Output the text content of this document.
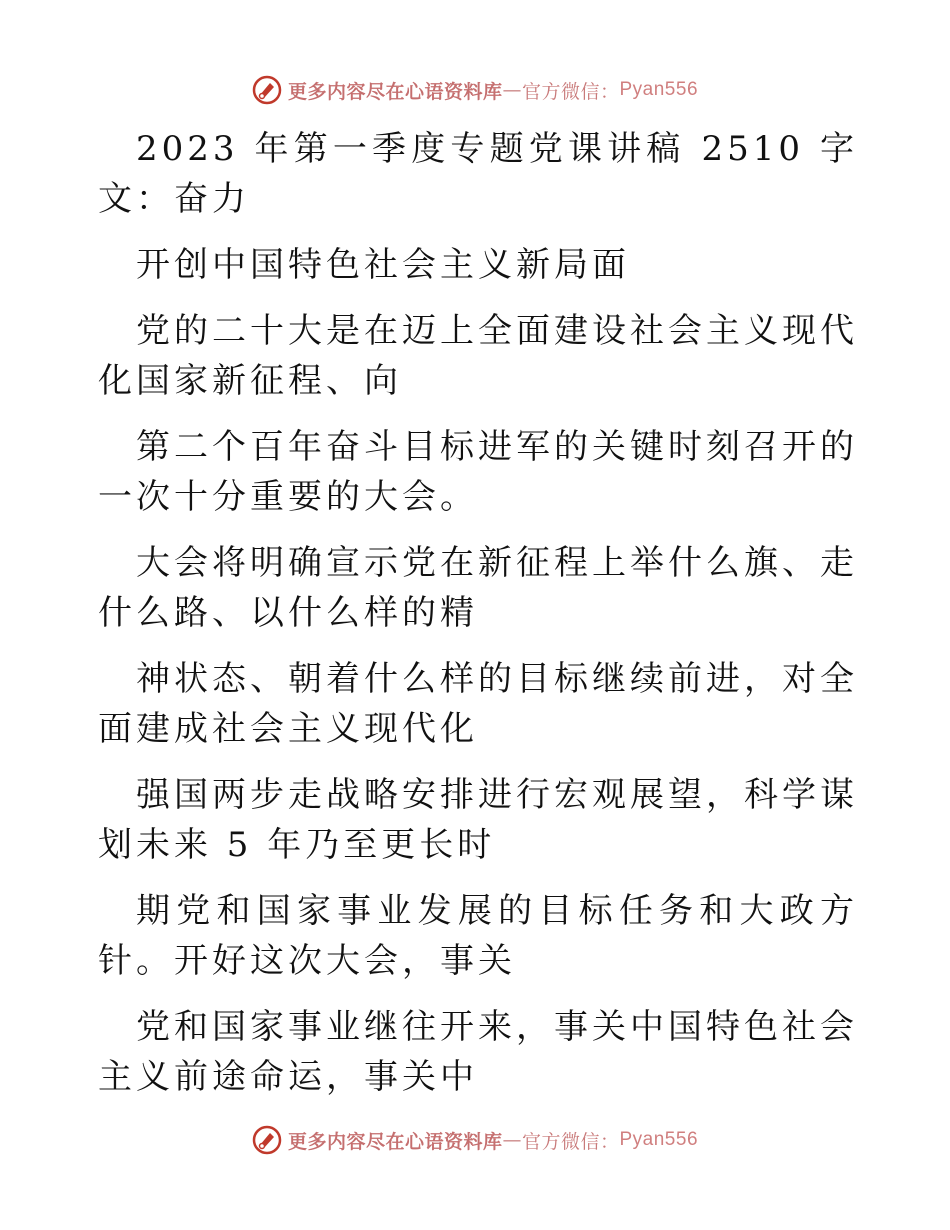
更多内容尽在心语资料库 — 官方微信： Pyan556

2023 年第一季度专题党课讲稿 2510 字文：奋力

开创中国特色社会主义新局面

党的二十大是在迈上全面建设社会主义现代化国家新征程、向

第二个百年奋斗目标进军的关键时刻召开的一次十分重要的大会。

大会将明确宣示党在新征程上举什么旗、走什么路、以什么样的精

神状态、朝着什么样的目标继续前进，对全面建成社会主义现代化

强国两步走战略安排进行宏观展望，科学谋划未来 5 年乃至更长时

期党和国家事业发展的目标任务和大政方针。开好这次大会，事关

党和国家事业继往开来，事关中国特色社会主义前途命运，事关中

更多内容尽在心语资料库 — 官方微信： Pyan556
